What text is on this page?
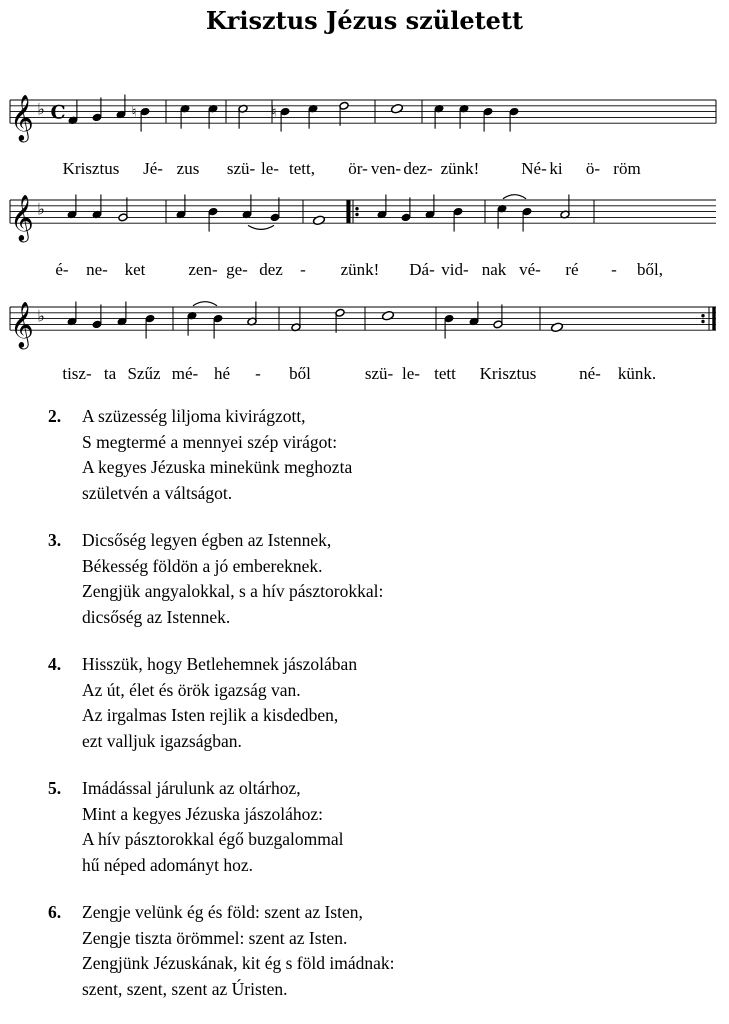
Krisztus Jézus született
𝄞 ♭ C	♮	♮
𝄞 ♭
𝄞 ♭
Krisztus Jé- zus szü- le- tett, ör- ven- dez- zünk! Né- ki ö- röm
é- ne- ket	zen- ge- dez - zünk! Dá- vid- nak vé- ré - ből,
tisz- ta Szűz mé- hé - ből	szü- le- tett Krisztus	né- künk.
2.	A szüzesség liljoma kivirágzott,
S megtermé a mennyei szép virágot:
A kegyes Jézuska minekünk meghozta
születvén a váltságot.
3.	Dicsőség legyen égben az Istennek,
Békesség földön a jó embereknek.
Zengjük angyalokkal, s a hív pásztorokkal:
dicsőség az Istennek.
4.	Hisszük, hogy Betlehemnek jászolában
Az út, élet és örök igazság van.
Az irgalmas Isten rejlik a kisdedben,
ezt valljuk igazságban.
5.	Imádással járulunk az oltárhoz,
Mint a kegyes Jézuska jászolához:
A hív pásztorokkal égő buzgalommal
hű néped adományt hoz.
6.	Zengje velünk ég és föld: szent az Isten,
Zengje tiszta örömmel: szent az Isten.
Zengjünk Jézuskának, kit ég s föld imádnak:
szent, szent, szent az Úristen.
